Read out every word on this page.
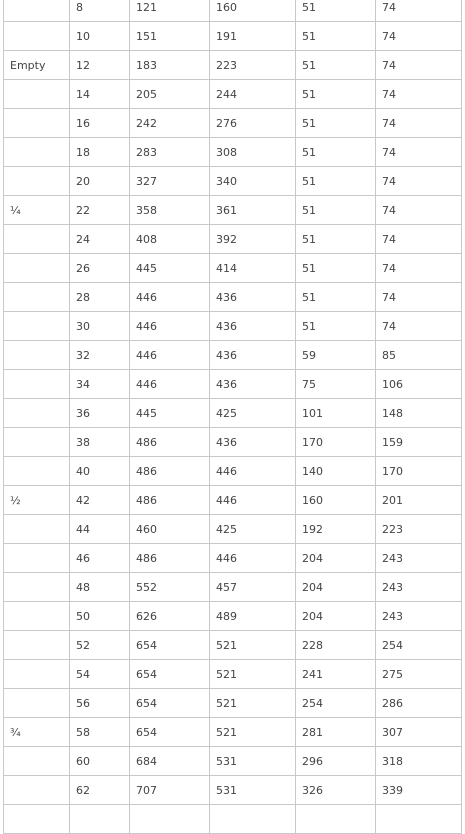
	8	121	160	51	74
	10	151	191	51	74
Empty	12	183	223	51	74
	14	205	244	51	74
	16	242	276	51	74
	18	283	308	51	74
	20	327	340	51	74
¼	22	358	361	51	74
	24	408	392	51	74
	26	445	414	51	74
	28	446	436	51	74
	30	446	436	51	74
	32	446	436	59	85
	34	446	436	75	106
	36	445	425	101	148
	38	486	436	170	159
	40	486	446	140	170
½	42	486	446	160	201
	44	460	425	192	223
	46	486	446	204	243
	48	552	457	204	243
	50	626	489	204	243
	52	654	521	228	254
	54	654	521	241	275
	56	654	521	254	286
¾	58	654	521	281	307
	60	684	531	296	318
	62	707	531	326	339
